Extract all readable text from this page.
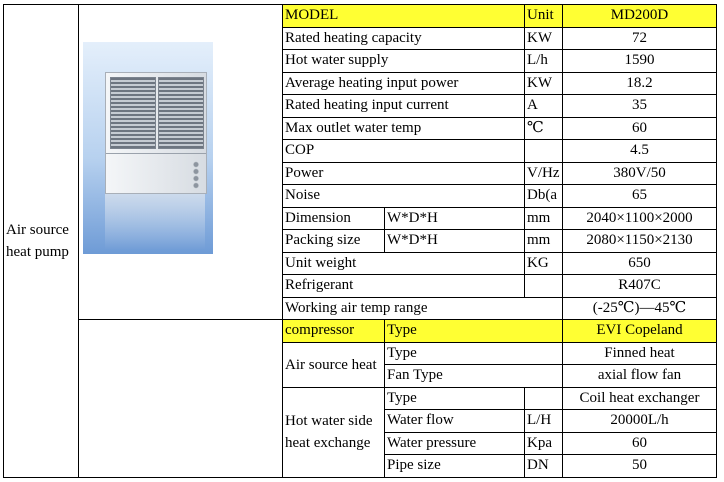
Air source heat pump		MODEL		Unit	MD200D
		Rated heating capacity		KW	72
		Hot water supply		L/h	1590
		Average heating input power		KW	18.2
		Rated heating input current		A	35
		Max outlet water temp		℃	60
		COP			4.5
		Power		V/Hz	380V/50
		Noise		Db(a	65
		Dimension	W*D*H	mm	2040×1100×2000
		Packing size	W*D*H	mm	2080×1150×2130
		Unit weight		KG	650
		Refrigerant			R407C
		Working air temp range			(-25℃)—45℃
		compressor	Type		EVI Copeland
		Air source heat	Type		Finned heat
			Fan Type		axial flow fan
		Hot water side heat exchange	Type		Coil heat exchanger
			Water flow	L/H	20000L/h
			Water pressure	Kpa	60
			Pipe size	DN	50
